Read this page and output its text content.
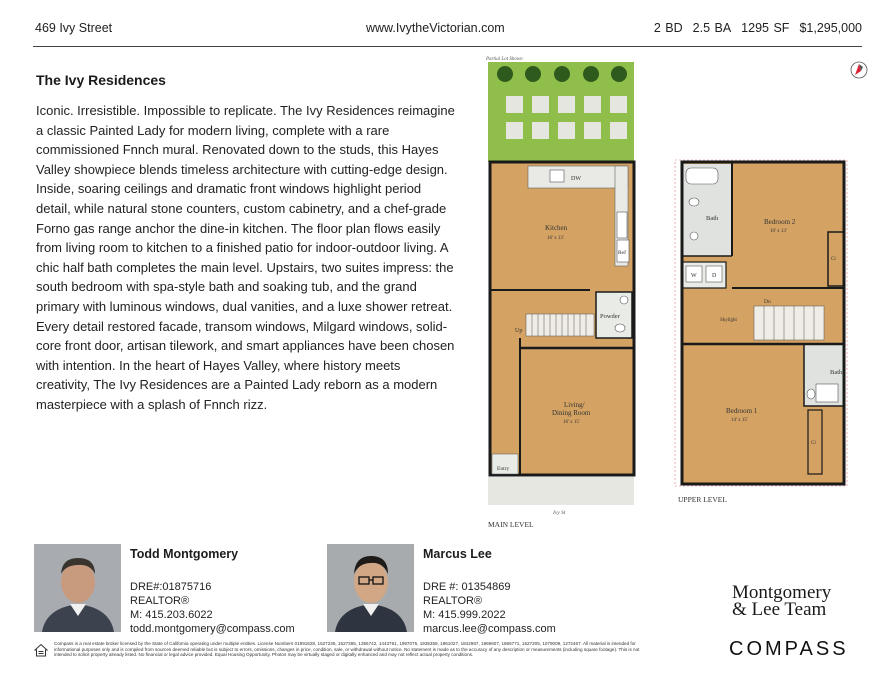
469 Ivy Street	www.IvytheVictorian.com	2 BD 2.5 BA 1295 SF $1,295,000
The Ivy Residences
Iconic. Irresistible. Impossible to replicate. The Ivy Residences reimagine a classic Painted Lady for modern living, complete with a rare commissioned Fnnch mural. Renovated down to the studs, this Hayes Valley showpiece blends timeless architecture with cutting-edge design. Inside, soaring ceilings and dramatic front windows highlight period detail, while natural stone counters, custom cabinetry, and a chef-grade Forno gas range anchor the dine-in kitchen. The floor plan flows easily from living room to kitchen to a finished patio for indoor-outdoor living. A chic half bath completes the main level. Upstairs, two suites impress: the south bedroom with spa-style bath and soaking tub, and the grand primary with luminous windows, dual vanities, and a luxe shower retreat. Every detail restored facade, transom windows, Milgard windows, solid-core front door, artisan tilework, and smart appliances have been chosen with intention. In the heart of Hayes Valley, where history meets creativity, The Ivy Residences are a Painted Lady reborn as a modern masterpiece with a splash of Fnnch rizz.
Partial Lot Shown
DW
Ref
Kitchen
16' x 13'
Powder
Up
Entry
Living/
Dining Room
16' x 15'
Ivy St
MAIN LEVEL
Bath	Bedroom 2
10' x 13'
Cl
W	D
Dn
Skylight
Bath
Bedroom 1
14' x 15'
Cl
UPPER LEVEL
Todd Montgomery
DRE#:01875716
REALTOR®
M: 415.203.6022
todd.montgomery@compass.com
Marcus Lee
DRE #: 01354869
REALTOR®
M: 415.999.2022
marcus.lee@compass.com
Compass is a real estate broker licensed by the State of California operating under multiple entities. License Numbers 01991628, 1527235, 1527365, 1356742, 1443761, 1997075, 1935359, 1961027, 1842987, 1869607, 1866771, 1527205, 1079009, 1272467. All material is intended for informational purposes only and is compiled from sources deemed reliable but is subject to errors, omissions, changes in price, condition, sale, or withdrawal without notice. No statement is made as to the accuracy of any description or measurements (including square footage). This is not intended to solicit property already listed. No financial or legal advice provided. Equal Housing Opportunity. Photos may be virtually staged or digitally enhanced and may not reflect actual property conditions.
Montgomery
& Lee Team
COMPASS
